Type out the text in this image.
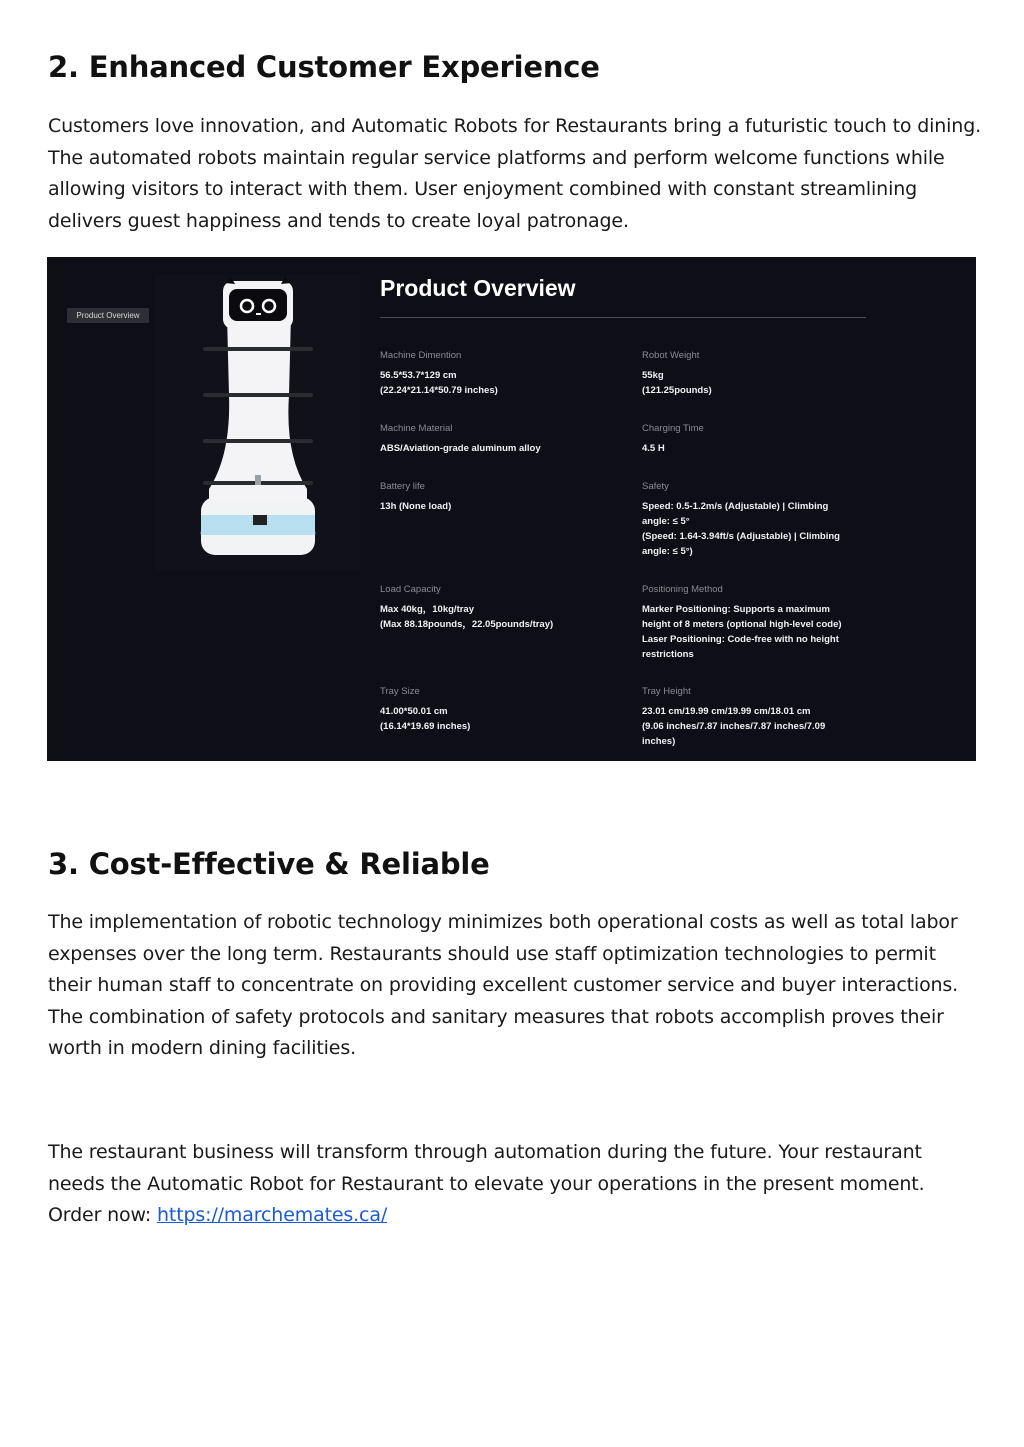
2. Enhanced Customer Experience

Customers love innovation, and Automatic Robots for Restaurants bring a futuristic touch to dining. The automated robots maintain regular service platforms and perform welcome functions while allowing visitors to interact with them. User enjoyment combined with constant streamlining delivers guest happiness and tends to create loyal patronage.

Product Overview
Product Overview
Machine Dimention
56.5*53.7*129 cm
(22.24*21.14*50.79 inches)
Robot Weight
55kg
(121.25pounds)
Machine Material
ABS/Aviation-grade aluminum alloy
Charging Time
4.5 H
Battery life
13h (None load)
Safety
Speed: 0.5-1.2m/s (Adjustable) | Climbing
angle: ≤ 5°
(Speed: 1.64-3.94ft/s (Adjustable) | Climbing
angle: ≤ 5°)
Load Capacity
Max 40kg，10kg/tray
(Max 88.18pounds，22.05pounds/tray)
Positioning Method
Marker Positioning: Supports a maximum
height of 8 meters (optional high-level code)
Laser Positioning: Code-free with no height
restrictions
Tray Size
41.00*50.01 cm
(16.14*19.69 inches)
Tray Height
23.01 cm/19.99 cm/19.99 cm/18.01 cm
(9.06 inches/7.87 inches/7.87 inches/7.09
inches)
3. Cost-Effective & Reliable

The implementation of robotic technology minimizes both operational costs as well as total labor expenses over the long term. Restaurants should use staff optimization technologies to permit their human staff to concentrate on providing excellent customer service and buyer interactions. The combination of safety protocols and sanitary measures that robots accomplish proves their worth in modern dining facilities.

The restaurant business will transform through automation during the future. Your restaurant needs the Automatic Robot for Restaurant to elevate your operations in the present moment. Order now: https://marchemates.ca/
